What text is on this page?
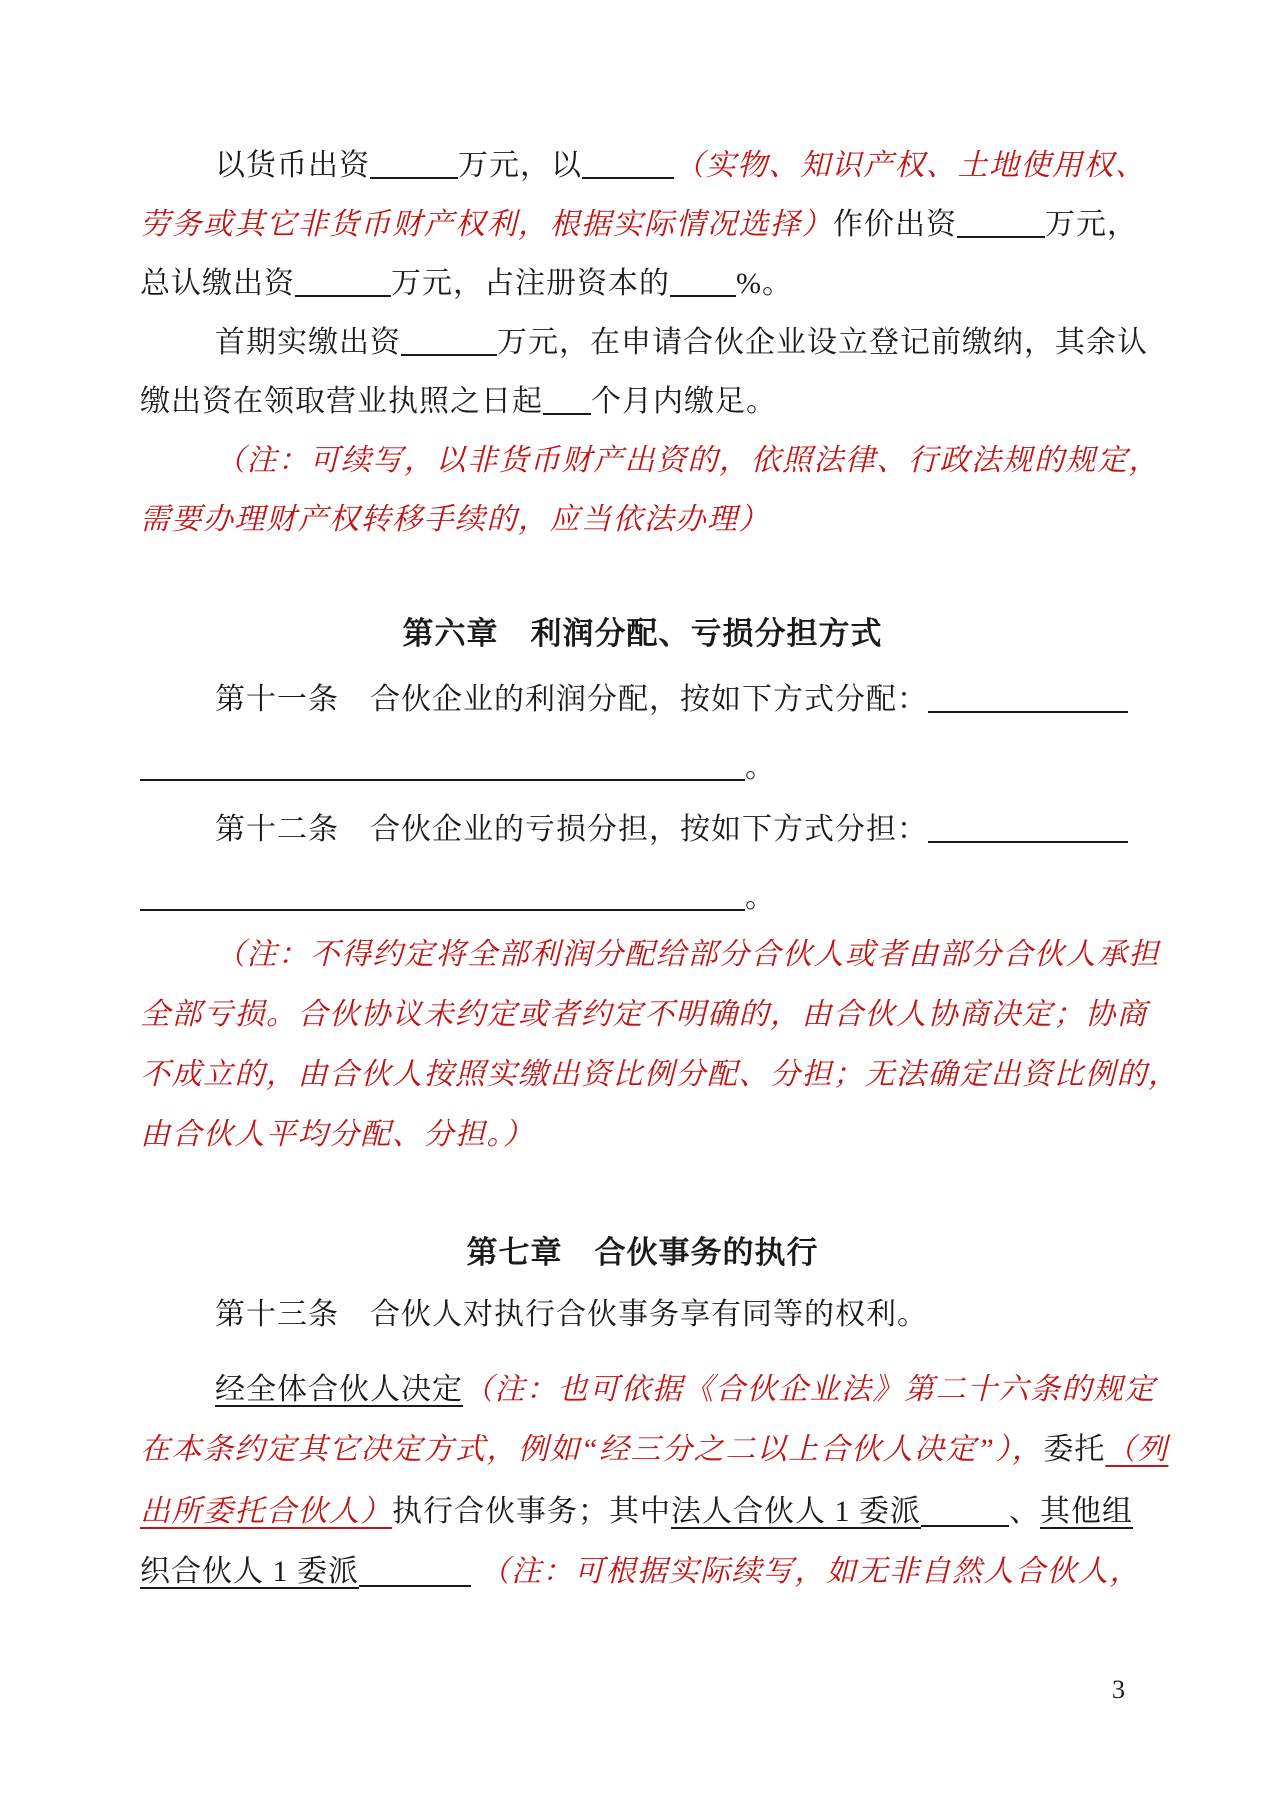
以货币出资	万元，以	（实物、知识产权、土地使用权、
劳务或其它非货币财产权利，根据实际情况选择）作价出资	万元，
总认缴出资	万元，占注册资本的 %。
首期实缴出资	万元，在申请合伙企业设立登记前缴纳，其余认
缴出资在领取营业执照之日起 个月内缴足。
（注：可续写，以非货币财产出资的，依照法律、行政法规的规定，
需要办理财产权转移手续的，应当依法办理）
第六章　利润分配、亏损分担方式
第十一条　合伙企业的利润分配，按如下方式分配：
。
第十二条　合伙企业的亏损分担，按如下方式分担：
。
（注：不得约定将全部利润分配给部分合伙人或者由部分合伙人承担
全部亏损。合伙协议未约定或者约定不明确的，由合伙人协商决定；协商
不成立的，由合伙人按照实缴出资比例分配、分担；无法确定出资比例的，
由合伙人平均分配、分担。）
第七章　合伙事务的执行
第十三条　合伙人对执行合伙事务享有同等的权利。
经全体合伙人决定（注：也可依据《合伙企业法》第二十六条的规定
在本条约定其它决定方式，例如“经三分之二以上合伙人决定”），委托（列
出所委托合伙人）执行合伙事务；其中法人合伙人 1 委派	、其他组
织合伙人 1 委派	（注：可根据实际续写，如无非自然人合伙人，
3
